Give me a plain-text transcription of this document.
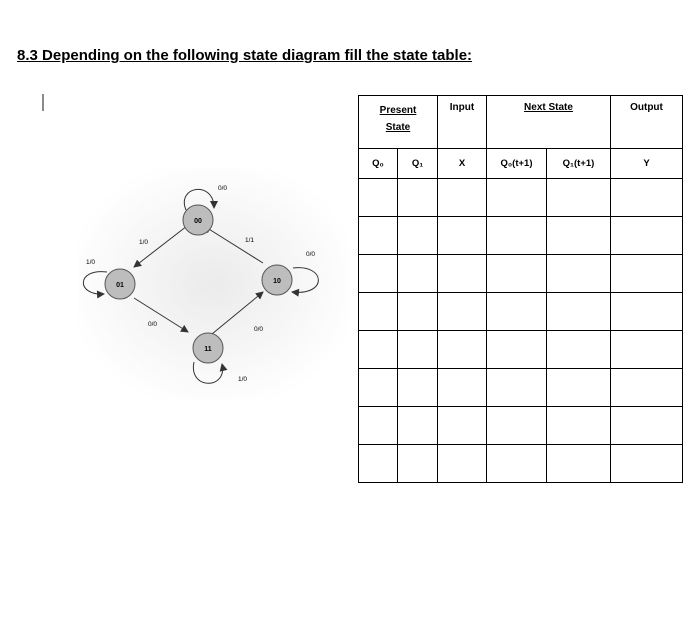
8.3 Depending on the following state diagram fill the state table:
00
01
10
11
0/0
1/0	1/1
0/0
1/0
0/0
0/0
1/0
Present
State		Input	Next State		Output
Q₀	Q₁	X	Q₀(t+1)	Q₁(t+1)	Y
